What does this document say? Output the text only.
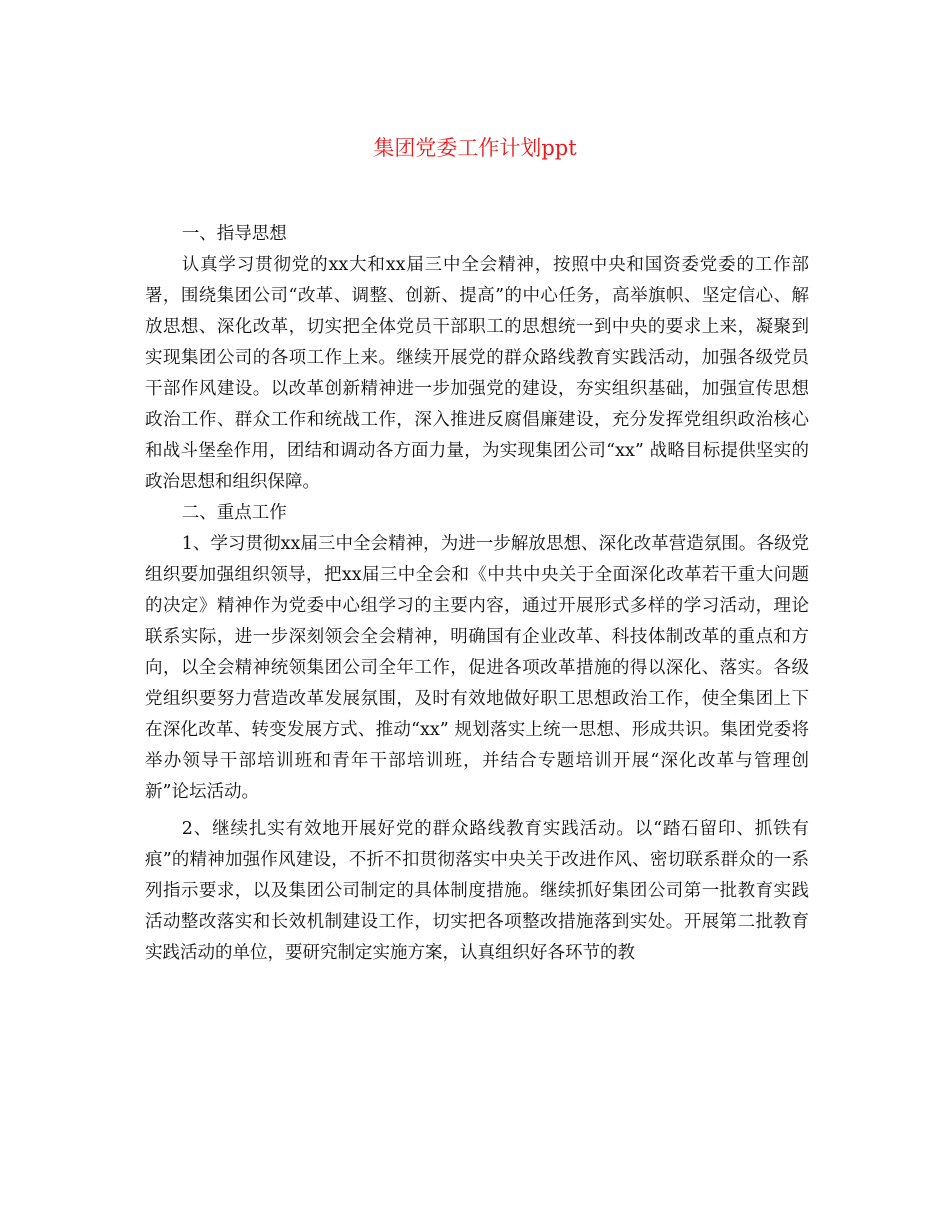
集团党委工作计划ppt

一、指导思想

认真学习贯彻党的xx大和xx届三中全会精神，按照中央和国资委党委的工作部署，围绕集团公司“改革、调整、创新、提高”的中心任务，高举旗帜、坚定信心、解放思想、深化改革，切实把全体党员干部职工的思想统一到中央的要求上来，凝聚到实现集团公司的各项工作上来。继续开展党的群众路线教育实践活动，加强各级党员干部作风建设。以改革创新精神进一步加强党的建设，夯实组织基础，加强宣传思想政治工作、群众工作和统战工作，深入推进反腐倡廉建设，充分发挥党组织政治核心和战斗堡垒作用，团结和调动各方面力量，为实现集团公司“xx” 战略目标提供坚实的政治思想和组织保障。

二、重点工作

1、学习贯彻xx届三中全会精神，为进一步解放思想、深化改革营造氛围。各级党组织要加强组织领导，把xx届三中全会和《中共中央关于全面深化改革若干重大问题的决定》精神作为党委中心组学习的主要内容，通过开展形式多样的学习活动，理论联系实际，进一步深刻领会全会精神，明确国有企业改革、科技体制改革的重点和方向，以全会精神统领集团公司全年工作，促进各项改革措施的得以深化、落实。各级党组织要努力营造改革发展氛围，及时有效地做好职工思想政治工作，使全集团上下在深化改革、转变发展方式、推动“xx” 规划落实上统一思想、形成共识。集团党委将举办领导干部培训班和青年干部培训班，并结合专题培训开展“深化改革与管理创新”论坛活动。

2、继续扎实有效地开展好党的群众路线教育实践活动。以“踏石留印、抓铁有痕”的精神加强作风建设，不折不扣贯彻落实中央关于改进作风、密切联系群众的一系列指示要求，以及集团公司制定的具体制度措施。继续抓好集团公司第一批教育实践活动整改落实和长效机制建设工作，切实把各项整改措施落到实处。开展第二批教育实践活动的单位，要研究制定实施方案，认真组织好各环节的教
